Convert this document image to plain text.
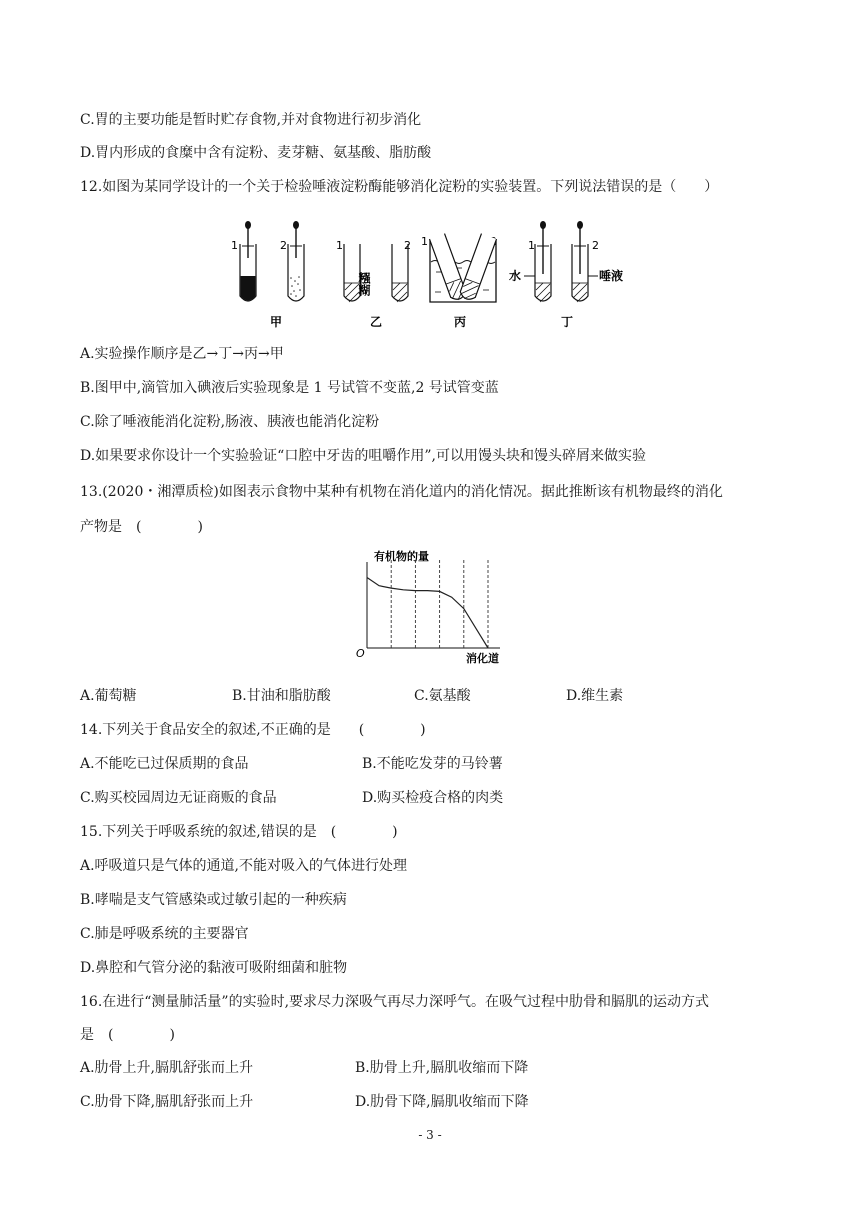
C.胃的主要功能是暂时贮存食物,并对食物进行初步消化
D.胃内形成的食糜中含有淀粉、麦芽糖、氨基酸、脂肪酸
12.如图为某同学设计的一个关于检验唾液淀粉酶能够消化淀粉的实验装置。下列说法错误的是（　　）
1	2
甲
1
糨糊
2
乙
1
丙
1
水
2
唾液
丁
A.实验操作顺序是乙→丁→丙→甲
B.图甲中,滴管加入碘液后实验现象是 1 号试管不变蓝,2 号试管变蓝
C.除了唾液能消化淀粉,肠液、胰液也能消化淀粉
D.如果要求你设计一个实验验证“口腔中牙齿的咀嚼作用”,可以用馒头块和馒头碎屑来做实验
13.(2020・湘潭质检)如图表示食物中某种有机物在消化道内的消化情况。据此推断该有机物最终的消化
产物是　(　　　　)
有机物的量
消化道
O
A.葡萄糖	B.甘油和脂肪酸	C.氨基酸	D.维生素
14.下列关于食品安全的叙述,不正确的是　　(　　　　)
A.不能吃已过保质期的食品	B.不能吃发芽的马铃薯
C.购买校园周边无证商贩的食品	D.购买检疫合格的肉类
15.下列关于呼吸系统的叙述,错误的是　(　　　　)
A.呼吸道只是气体的通道,不能对吸入的气体进行处理
B.哮喘是支气管感染或过敏引起的一种疾病
C.肺是呼吸系统的主要器官
D.鼻腔和气管分泌的黏液可吸附细菌和脏物
16.在进行“测量肺活量”的实验时,要求尽力深吸气再尽力深呼气。在吸气过程中肋骨和膈肌的运动方式
是　(　　　　)
A.肋骨上升,膈肌舒张而上升	B.肋骨上升,膈肌收缩而下降
C.肋骨下降,膈肌舒张而上升	D.肋骨下降,膈肌收缩而下降
- 3 -
